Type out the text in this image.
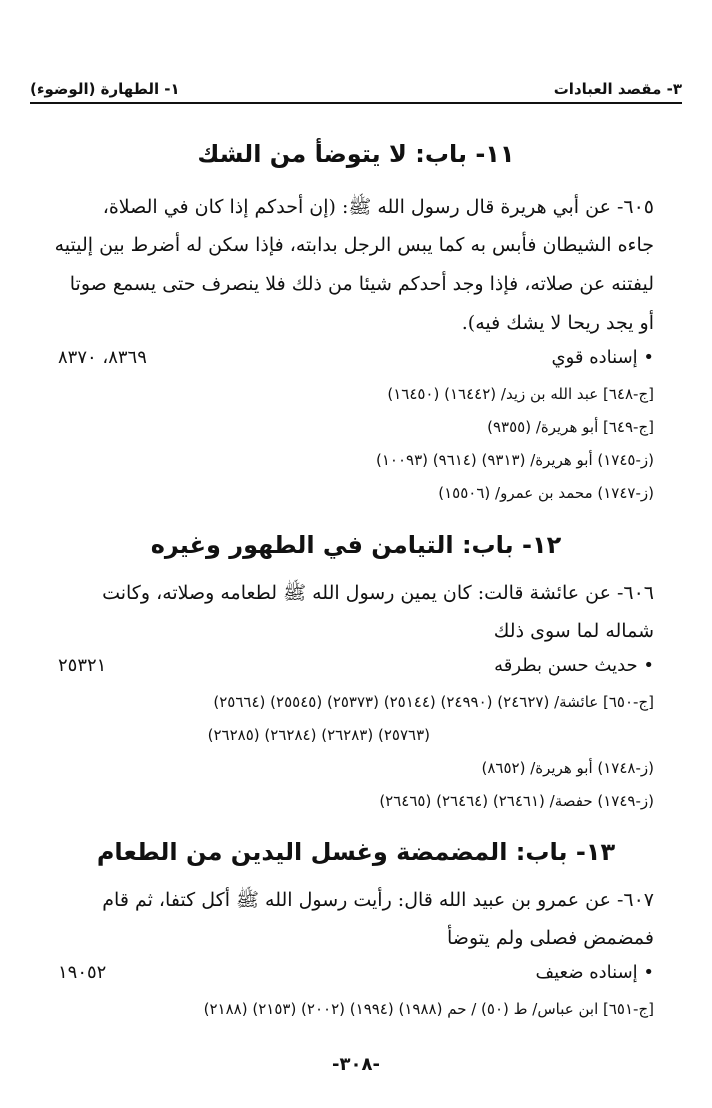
٣- مقصد العبادات
١- الطهارة (الوضوء)
١١- باب: لا يتوضأ من الشك
٦٠٥- عن أبي هريرة قال رسول الله ﷺ: (إن أحدكم إذا كان في الصلاة،
جاءه الشيطان فأبس به كما يبس الرجل بدابته، فإذا سكن له أضرط بين إليتيه
ليفتنه عن صلاته، فإذا وجد أحدكم شيئا من ذلك فلا ينصرف حتى يسمع صوتا
أو يجد ريحا لا يشك فيه).
• إسناده قوي
٨٣٦٩، ٨٣٧٠
[ج-٦٤٨] عبد الله بن زيد/ (١٦٤٤٢) (١٦٤٥٠)
[ج-٦٤٩] أبو هريرة/ (٩٣٥٥)
(ز-١٧٤٥) أبو هريرة/ (٩٣١٣) (٩٦١٤) (١٠٠٩٣)
(ز-١٧٤٧) محمد بن عمرو/ (١٥٥٠٦)
١٢- باب: التيامن في الطهور وغيره
٦٠٦- عن عائشة قالت: كان يمين رسول الله ﷺ لطعامه وصلاته، وكانت
شماله لما سوى ذلك
• حديث حسن بطرقه
٢٥٣٢١
[ج-٦٥٠] عائشة/ (٢٤٦٢٧) (٢٤٩٩٠) (٢٥١٤٤) (٢٥٣٧٣) (٢٥٥٤٥) (٢٥٦٦٤)
(٢٥٧٦٣) (٢٦٢٨٣) (٢٦٢٨٤) (٢٦٢٨٥)
(ز-١٧٤٨) أبو هريرة/ (٨٦٥٢)
(ز-١٧٤٩) حفصة/ (٢٦٤٦١) (٢٦٤٦٤) (٢٦٤٦٥)
١٣- باب: المضمضة وغسل اليدين من الطعام
٦٠٧- عن عمرو بن عبيد الله قال: رأيت رسول الله ﷺ أكل كتفا، ثم قام
فمضمض فصلى ولم يتوضأ
• إسناده ضعيف
١٩٠٥٢
[ج-٦٥١] ابن عباس/ ط (٥٠) / حم (١٩٨٨) (١٩٩٤) (٢٠٠٢) (٢١٥٣) (٢١٨٨)
-٣٠٨-
